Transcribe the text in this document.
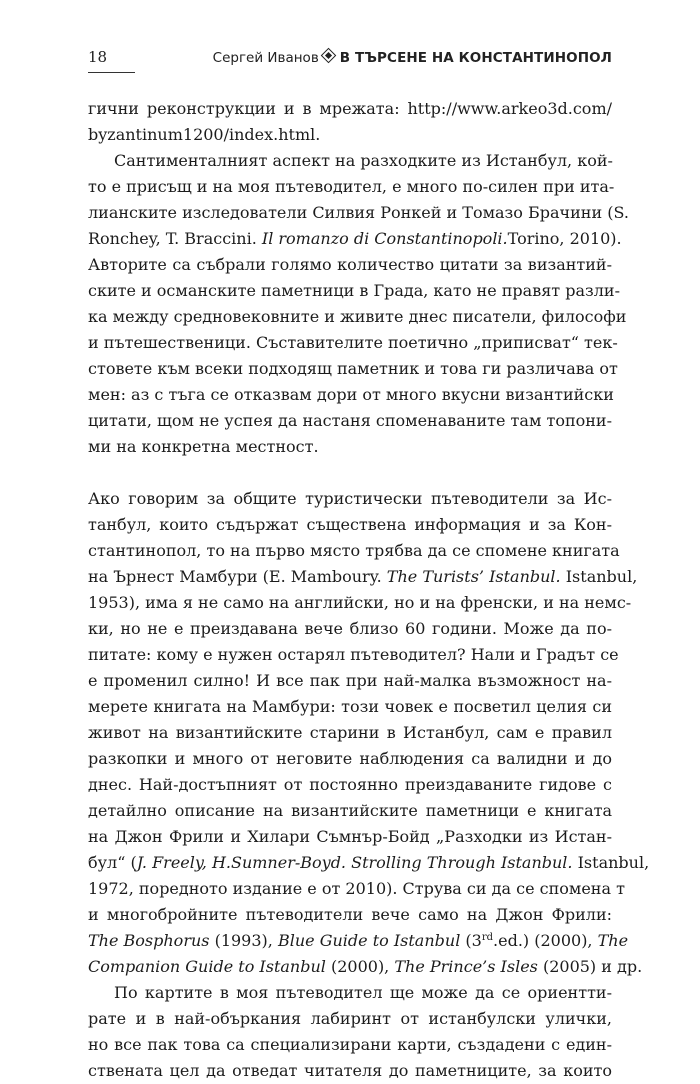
18	Сергей Иванов В ТЪРСЕНЕ НА КОНСТАНТИНОПОЛ
гични реконструкции и в мрежата: http://www.arkeo3d.com/
byzantinum1200/index.html.
Сантименталният аспект на разходките из Истанбул, кой-
то е присъщ и на моя пътеводител, е много по-силен при ита-
лианските изследователи Силвия Ронкей и Томазо Брачини (S.
Ronchey, T. Braccini. Il romanzo di Constantinopoli.Torino, 2010).
Авторите са събрали голямо количество цитати за византий-
ските и османските паметници в Града, като не правят разли-
ка между средновековните и живите днес писатели, философи
и пътешественици. Съставителите поетично „приписват“ тек-
стовете към всеки подходящ паметник и това ги различава от
мен: аз с тъга се отказвам дори от много вкусни византийски
цитати, щом не успея да настаня споменаваните там топони-
ми на конкретна местност.
Ако говорим за общите туристически пътеводители за Ис-
танбул, които съдържат съществена информация и за Кон-
стантинопол, то на първо място трябва да се спомене книгата
на Ърнест Мамбури (E. Mamboury. The Turists’ Istanbul. Istanbul,
1953), има я не само на английски, но и на френски, и на немс-
ки, но не е преиздавана вече близо 60 години. Може да по-
питате: кому е нужен остарял пътеводител? Нали и Градът се
е променил силно! И все пак при най-малка възможност на-
мерете книгата на Мамбури: този човек е посветил целия си
живот на византийските старини в Истанбул, сам е правил
разкопки и много от неговите наблюдения са валидни и до
днес. Най-достъпният от постоянно преиздаваните гидове с
детайлно описание на византийските паметници е книгата
на Джон Фрили и Хилари Съмнър-Бойд „Разходки из Истан-
бул“ (J. Freely, H.Sumner-Boyd. Strolling Through Istanbul. Istanbul,
1972, поредното издание е от 2010). Струва си да се спомена т
и многобройните пътеводители вече само на Джон Фрили:
The Bosphorus (1993), Blue Guide to Istanbul (3rd.ed.) (2000), The
Companion Guide to Istanbul (2000), The Prince’s Isles (2005) и др.
По картите в моя пътеводител ще може да се ориентти-
рате и в най-объркания лабиринт от истанбулски улички,
но все пак това са специализирани карти, създадени с един-
ствената цел да отведат читателя до паметниците, за които
